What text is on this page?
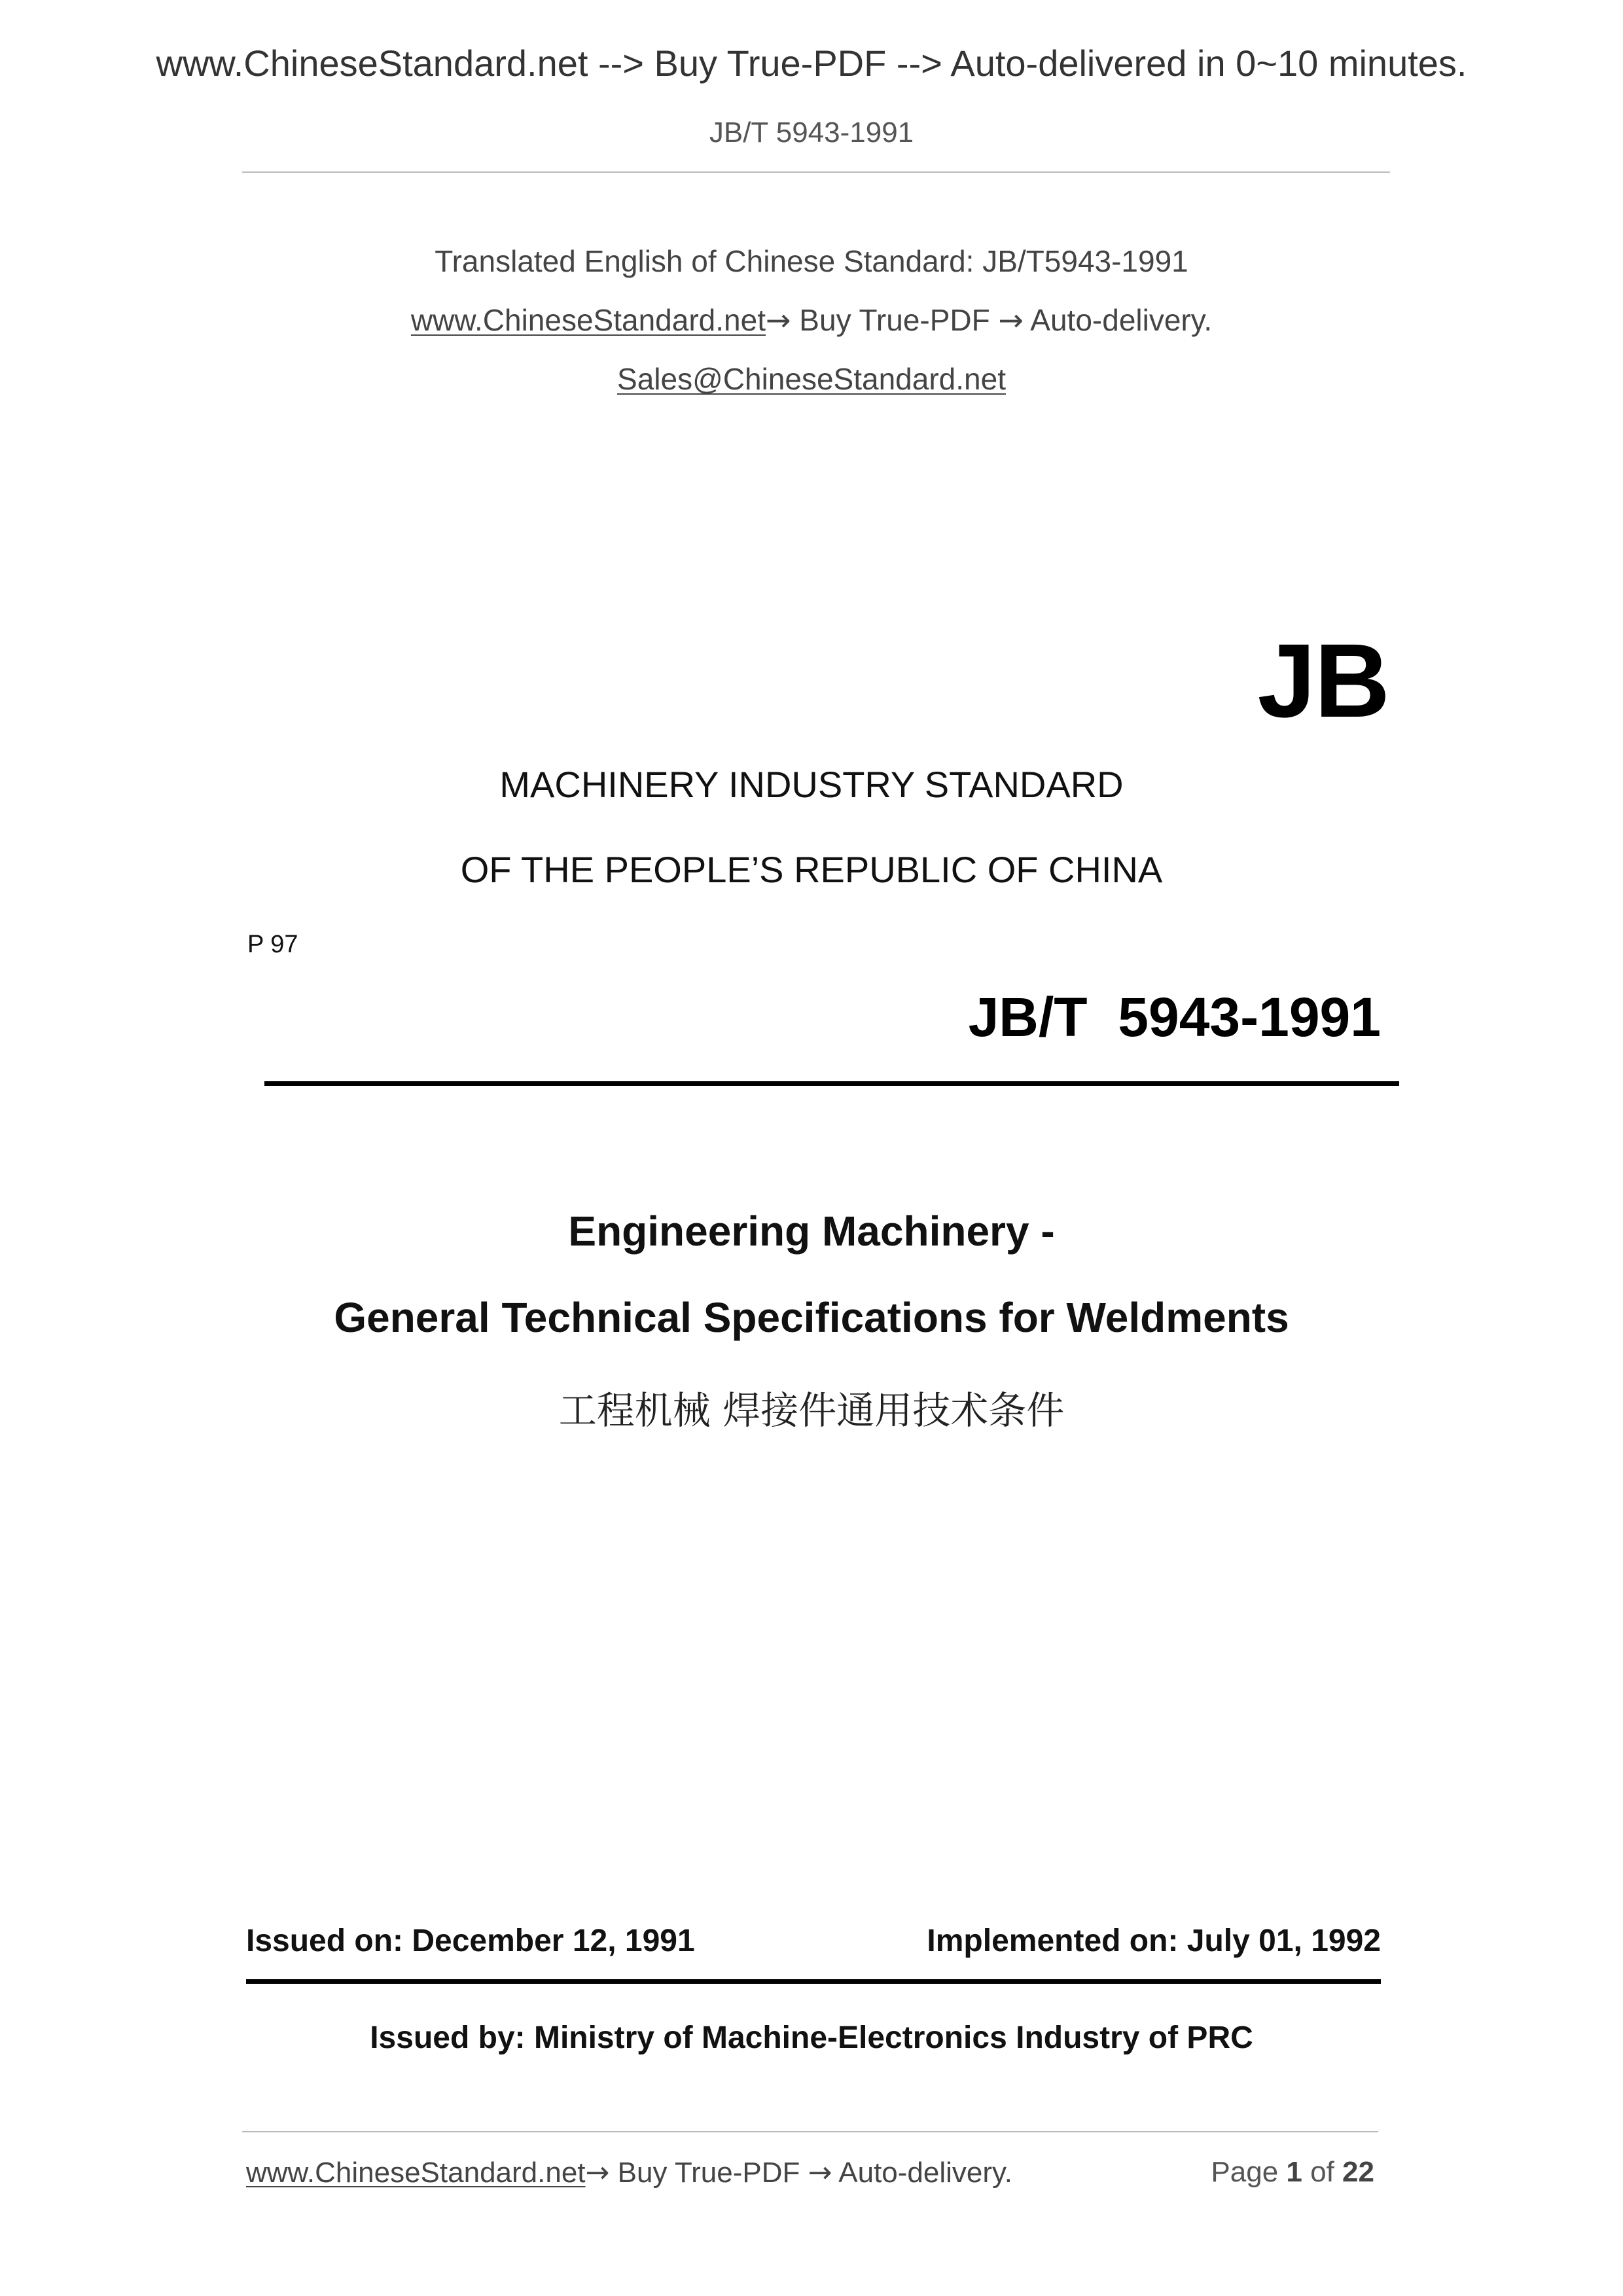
www.ChineseStandard.net --> Buy True-PDF --> Auto-delivered in 0~10 minutes.
JB/T 5943-1991
Translated English of Chinese Standard: JB/T5943-1991
www.ChineseStandard.net→ Buy True-PDF → Auto-delivery.
Sales@ChineseStandard.net
JB
MACHINERY INDUSTRY STANDARD
OF THE PEOPLE’S REPUBLIC OF CHINA
P 97
JB/T  5943-1991
Engineering Machinery -
General Technical Specifications for Weldments
工程机械 焊接件通用技术条件
Issued on: December 12, 1991	Implemented on: July 01, 1992
Issued by: Ministry of Machine-Electronics Industry of PRC
www.ChineseStandard.net→ Buy True-PDF → Auto-delivery.	Page 1 of 22
